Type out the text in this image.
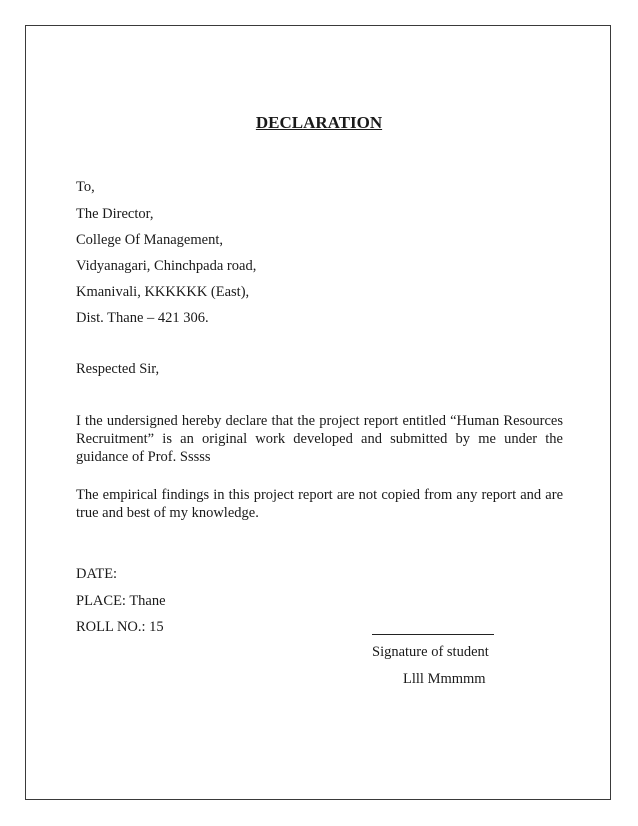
DECLARATION
To,
The Director,
College Of Management,
Vidyanagari, Chinchpada road,
Kmanivali, KKKKKK (East),
Dist. Thane – 421 306.
Respected Sir,

I the undersigned hereby declare that the project report entitled “Human Resources Recruitment” is an original work developed and submitted by me under the guidance of Prof. Sssss

The empirical findings in this project report are not copied from any report and are true and best of my knowledge.

DATE:
PLACE: Thane
ROLL NO.: 15
Signature of student
Llll Mmmmm
